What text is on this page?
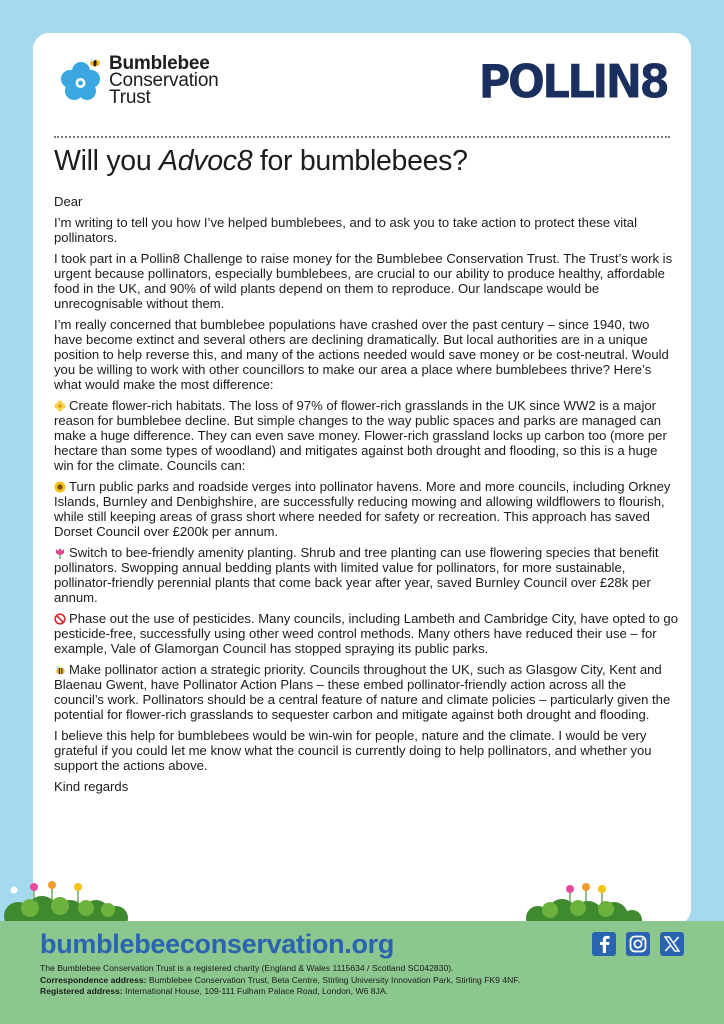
Bumblebee
Conservation
Trust	POLLIN8
Will you Advoc8 for bumblebees?

Dear

I’m writing to tell you how I’ve helped bumblebees, and to ask you to take action to protect these vital pollinators.

I took part in a Pollin8 Challenge to raise money for the Bumblebee Conservation Trust. The Trust’s work is urgent because pollinators, especially bumblebees, are crucial to our ability to produce healthy, affordable food in the UK, and 90% of wild plants depend on them to reproduce. Our landscape would be unrecognisable without them.

I’m really concerned that bumblebee populations have crashed over the past century – since 1940, two have become extinct and several others are declining dramatically. But local authorities are in a unique position to help reverse this, and many of the actions needed would save money or be cost-neutral. Would you be willing to work with other councillors to make our area a place where bumblebees thrive? Here’s what would make the most difference:

Create flower-rich habitats. The loss of 97% of flower-rich grasslands in the UK since WW2 is a major reason for bumblebee decline. But simple changes to the way public spaces and parks are managed can make a huge difference. They can even save money. Flower-rich grassland locks up carbon too (more per hectare than some types of woodland) and mitigates against both drought and flooding, so this is a huge win for the climate. Councils can:

Turn public parks and roadside verges into pollinator havens. More and more councils, including Orkney Islands, Burnley and Denbighshire, are successfully reducing mowing and allowing wildflowers to flourish, while still keeping areas of grass short where needed for safety or recreation. This approach has saved Dorset Council over £200k per annum.

Switch to bee-friendly amenity planting. Shrub and tree planting can use flowering species that benefit pollinators. Swopping annual bedding plants with limited value for pollinators, for more sustainable, pollinator-friendly perennial plants that come back year after year, saved Burnley Council over £28k per annum.

Phase out the use of pesticides. Many councils, including Lambeth and Cambridge City, have opted to go pesticide-free, successfully using other weed control methods. Many others have reduced their use – for example, Vale of Glamorgan Council has stopped spraying its public parks.

Make pollinator action a strategic priority. Councils throughout the UK, such as Glasgow City, Kent and Blaenau Gwent, have Pollinator Action Plans – these embed pollinator-friendly action across all the council’s work. Pollinators should be a central feature of nature and climate policies – particularly given the potential for flower-rich grasslands to sequester carbon and mitigate against both drought and flooding.

I believe this help for bumblebees would be win-win for people, nature and the climate. I would be very grateful if you could let me know what the council is currently doing to help pollinators, and whether you support the actions above.

Kind regards

bumblebeeconservation.org
The Bumblebee Conservation Trust is a registered charity (England & Wales 1115634 / Scotland SC042830).
Correspondence address: Bumblebee Conservation Trust, Beta Centre, Stirling University Innovation Park, Stirling FK9 4NF.
Registered address: International House, 109-111 Fulham Palace Road, London, W6 8JA.
